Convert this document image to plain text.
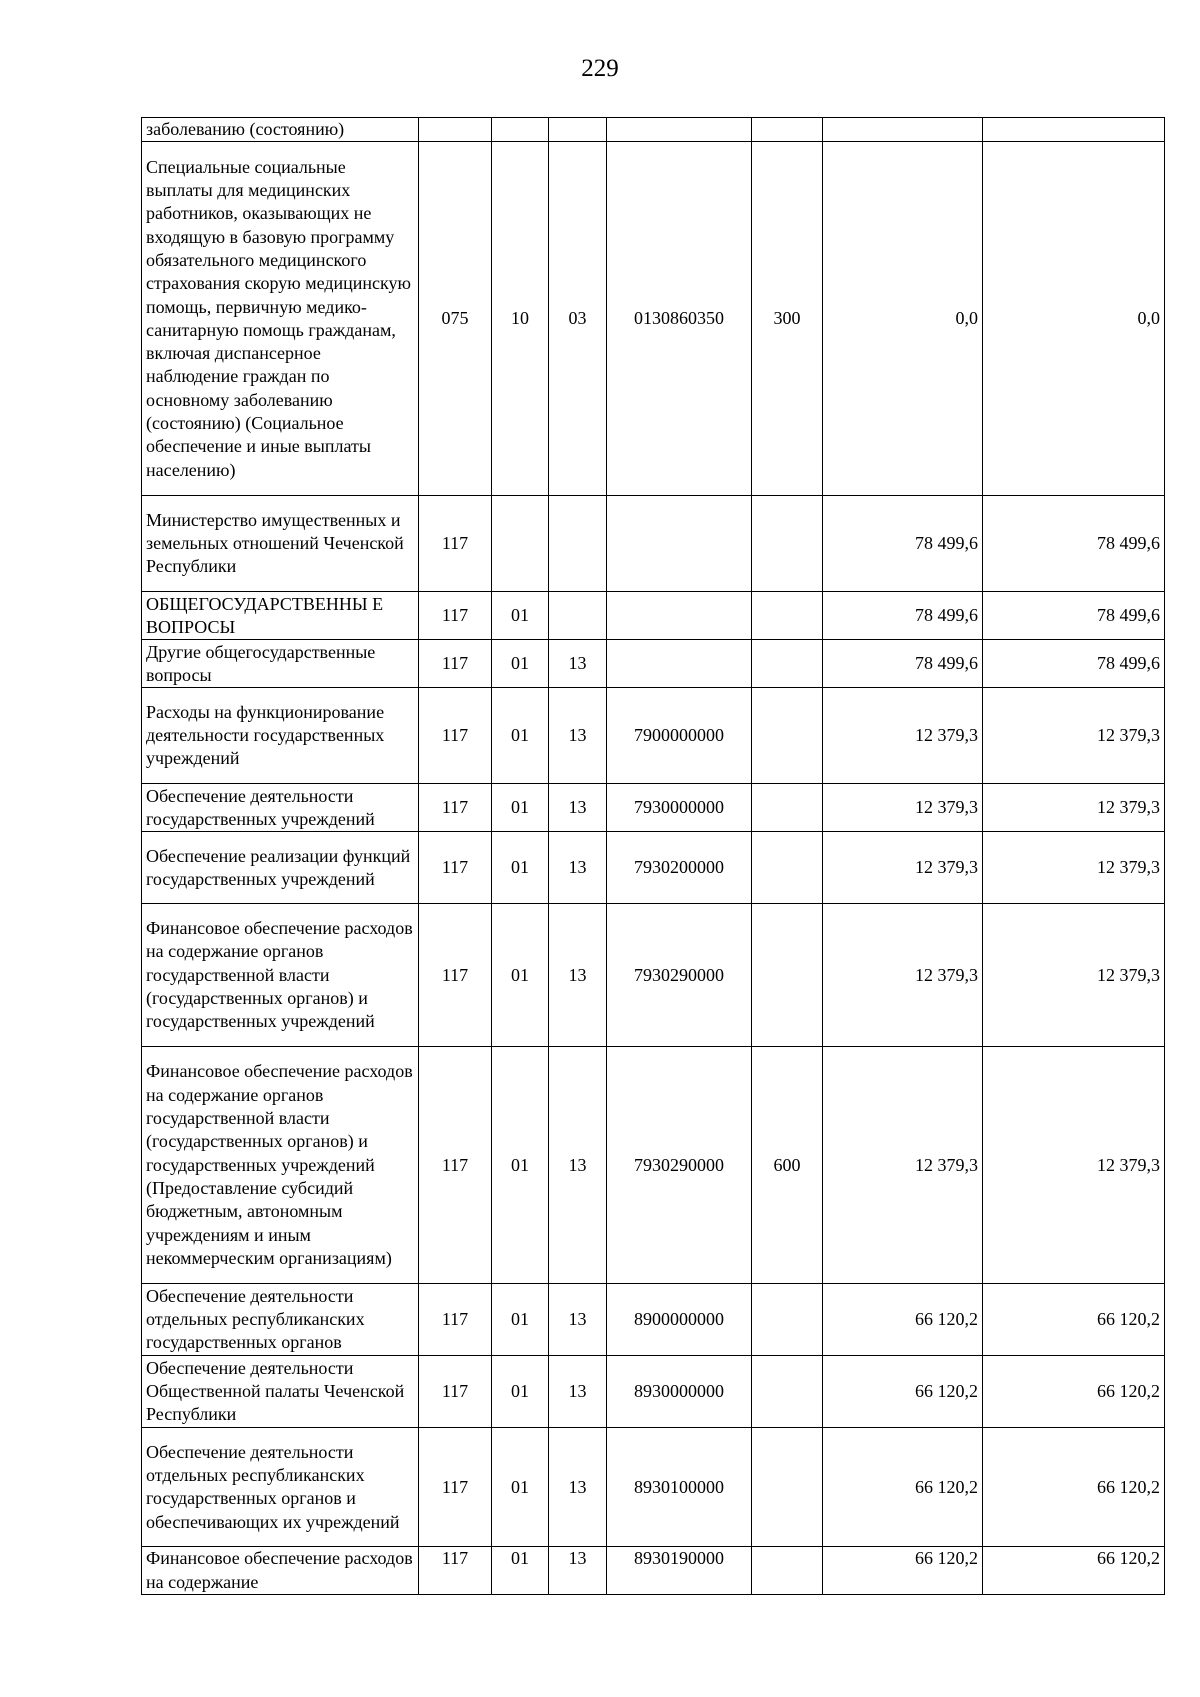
229
заболеванию (состоянию)							
Специальные социальные выплаты для медицинских работников, оказывающих не входящую в базовую программу обязательного медицинского страхования скорую медицинскую помощь, первичную медико-санитарную помощь гражданам, включая диспансерное наблюдение граждан по основному заболеванию (состоянию) (Социальное обеспечение и иные выплаты населению)	075	10	03	0130860350	300	0,0	0,0
Министерство имущественных и земельных отношений Чеченской Республики	117					78 499,6	78 499,6
ОБЩЕГОСУДАРСТВЕННЫ Е ВОПРОСЫ	117	01				78 499,6	78 499,6
Другие общегосударственные вопросы	117	01	13			78 499,6	78 499,6
Расходы на функционирование деятельности государственных учреждений	117	01	13	7900000000		12 379,3	12 379,3
Обеспечение деятельности государственных учреждений	117	01	13	7930000000		12 379,3	12 379,3
Обеспечение реализации функций государственных учреждений	117	01	13	7930200000		12 379,3	12 379,3
Финансовое обеспечение расходов на содержание органов государственной власти (государственных органов) и государственных учреждений	117	01	13	7930290000		12 379,3	12 379,3
Финансовое обеспечение расходов на содержание органов государственной власти (государственных органов) и государственных учреждений (Предоставление субсидий бюджетным, автономным учреждениям и иным некоммерческим организациям)	117	01	13	7930290000	600	12 379,3	12 379,3
Обеспечение деятельности отдельных республиканских государственных органов	117	01	13	8900000000		66 120,2	66 120,2
Обеспечение деятельности Общественной палаты Чеченской Республики	117	01	13	8930000000		66 120,2	66 120,2
Обеспечение деятельности отдельных республиканских государственных органов и обеспечивающих их учреждений	117	01	13	8930100000		66 120,2	66 120,2
Финансовое обеспечение расходов на содержание	117	01	13	8930190000		66 120,2	66 120,2
